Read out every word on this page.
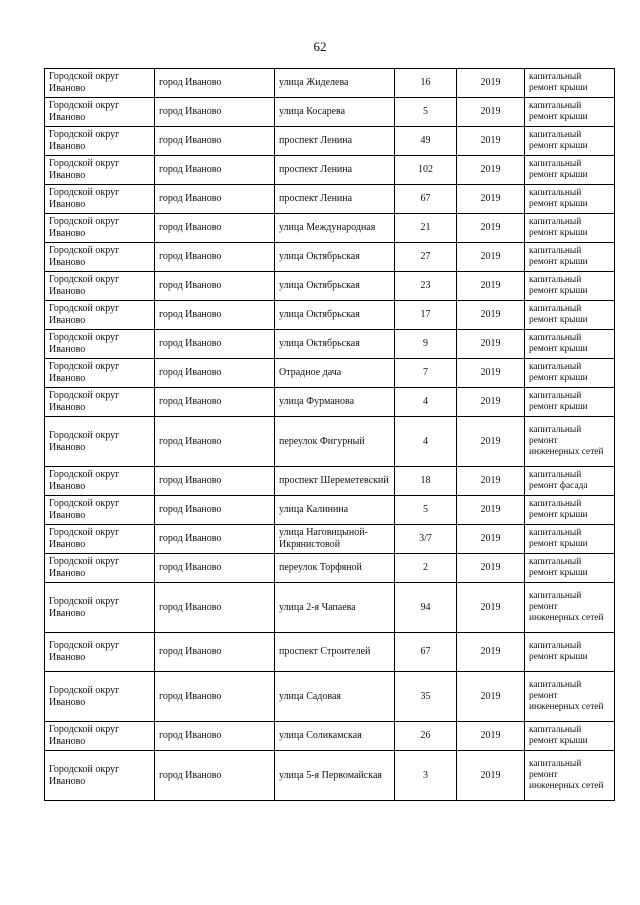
62
Городской округ Иваново	город Иваново	улица Жиделева	16	2019	капитальный ремонт крыши
Городской округ Иваново	город Иваново	улица Косарева	5	2019	капитальный ремонт крыши
Городской округ Иваново	город Иваново	проспект Ленина	49	2019	капитальный ремонт крыши
Городской округ Иваново	город Иваново	проспект Ленина	102	2019	капитальный ремонт крыши
Городской округ Иваново	город Иваново	проспект Ленина	67	2019	капитальный ремонт крыши
Городской округ Иваново	город Иваново	улица Международная	21	2019	капитальный ремонт крыши
Городской округ Иваново	город Иваново	улица Октябрьская	27	2019	капитальный ремонт крыши
Городской округ Иваново	город Иваново	улица Октябрьская	23	2019	капитальный ремонт крыши
Городской округ Иваново	город Иваново	улица Октябрьская	17	2019	капитальный ремонт крыши
Городской округ Иваново	город Иваново	улица Октябрьская	9	2019	капитальный ремонт крыши
Городской округ Иваново	город Иваново	Отрадное дача	7	2019	капитальный ремонт крыши
Городской округ Иваново	город Иваново	улица Фурманова	4	2019	капитальный ремонт крыши
Городской округ Иваново	город Иваново	переулок Фигурный	4	2019	капитальный ремонт инженерных сетей
Городской округ Иваново	город Иваново	проспект Шереметевский	18	2019	капитальный ремонт фасада
Городской округ Иваново	город Иваново	улица Калинина	5	2019	капитальный ремонт крыши
Городской округ Иваново	город Иваново	улица Наговицыной-Икрянистовой	3/7	2019	капитальный ремонт крыши
Городской округ Иваново	город Иваново	переулок Торфяной	2	2019	капитальный ремонт крыши
Городской округ Иваново	город Иваново	улица 2-я Чапаева	94	2019	капитальный ремонт инженерных сетей
Городской округ Иваново	город Иваново	проспект Строителей	67	2019	капитальный ремонт крыши
Городской округ Иваново	город Иваново	улица Садовая	35	2019	капитальный ремонт инженерных сетей
Городской округ Иваново	город Иваново	улица Соликамская	26	2019	капитальный ремонт крыши
Городской округ Иваново	город Иваново	улица 5-я Первомайская	3	2019	капитальный ремонт инженерных сетей
